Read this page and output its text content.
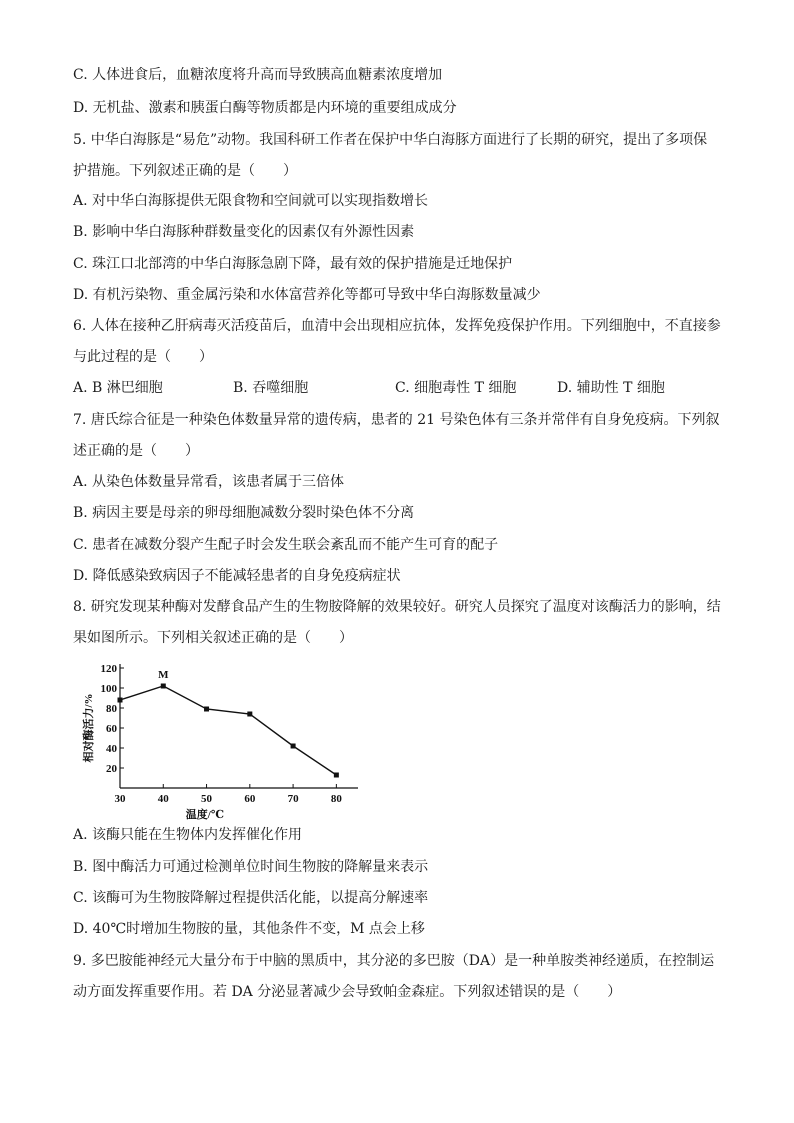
C. 人体进食后，血糖浓度将升高而导致胰高血糖素浓度增加
D. 无机盐、激素和胰蛋白酶等物质都是内环境的重要组成成分
5. 中华白海豚是“易危”动物。我国科研工作者在保护中华白海豚方面进行了长期的研究，提出了多项保
护措施。下列叙述正确的是（　　）
A. 对中华白海豚提供无限食物和空间就可以实现指数增长
B. 影响中华白海豚种群数量变化的因素仅有外源性因素
C. 珠江口北部湾的中华白海豚急剧下降，最有效的保护措施是迁地保护
D. 有机污染物、重金属污染和水体富营养化等都可导致中华白海豚数量减少
6. 人体在接种乙肝病毒灭活疫苗后，血清中会出现相应抗体，发挥免疫保护作用。下列细胞中，不直接参
与此过程的是（　　）
A. B 淋巴细胞	B. 吞噬细胞	C. 细胞毒性 T 细胞	D. 辅助性 T 细胞
7. 唐氏综合征是一种染色体数量异常的遗传病，患者的 21 号染色体有三条并常伴有自身免疫病。下列叙
述正确的是（　　）
A. 从染色体数量异常看，该患者属于三倍体
B. 病因主要是母亲的卵母细胞减数分裂时染色体不分离
C. 患者在减数分裂产生配子时会发生联会紊乱而不能产生可育的配子
D. 降低感染致病因子不能减轻患者的自身免疫病症状
8. 研究发现某种酶对发酵食品产生的生物胺降解的效果较好。研究人员探究了温度对该酶活力的影响，结
果如图所示。下列相关叙述正确的是（　　）
20
40
60
80
100
120
30	40	50	60	70	80
M
温度/℃
相对酶活力/%
A. 该酶只能在生物体内发挥催化作用
B. 图中酶活力可通过检测单位时间生物胺的降解量来表示
C. 该酶可为生物胺降解过程提供活化能，以提高分解速率
D. 40℃时增加生物胺的量，其他条件不变，M 点会上移
9. 多巴胺能神经元大量分布于中脑的黑质中，其分泌的多巴胺（DA）是一种单胺类神经递质，在控制运
动方面发挥重要作用。若 DA 分泌显著减少会导致帕金森症。下列叙述错误的是（　　）
